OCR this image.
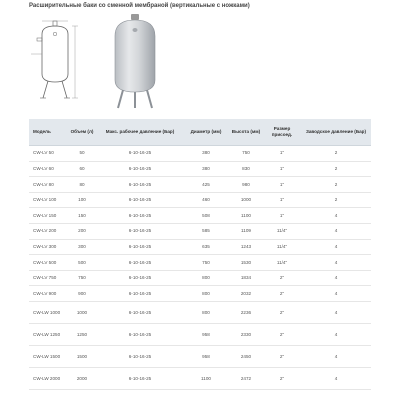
Расширительные баки со сменной мембраной (вертикальные с ножками)
Модель	Объем (л)	Макс. рабочее давление (Бар)	Диаметр (мм)	Высота (мм)	Размер присоед.	Заводское давление (Бар)
CW-LV 50	50	6-10-16-25	380	750	1"	2
CW-LV 60	60	6-10-16-25	380	830	1"	2
CW-LV 80	80	6-10-16-25	425	980	1"	2
CW-LV 100	100	6-10-16-25	460	1000	1"	2
CW-LV 150	150	6-10-16-25	508	1100	1"	4
CW-LV 200	200	6-10-16-25	585	1109	11/4"	4
CW-LV 300	300	6-10-16-25	635	1243	11/4"	4
CW-LV 500	500	6-10-16-25	750	1530	11/4"	4
CW-LV 750	750	6-10-16-25	800	1834	2"	4
CW-LV 900	900	6-10-16-25	800	2032	2"	4
CW-LW 1000	1000	6-10-16-25	800	2236	2"	4
CW-LW 1250	1250	6-10-16-25	958	2330	2"	4
CW-LW 1500	1500	6-10-16-25	958	2450	2"	4
CW-LW 2000	2000	6-10-16-25	1100	2472	2"	4
